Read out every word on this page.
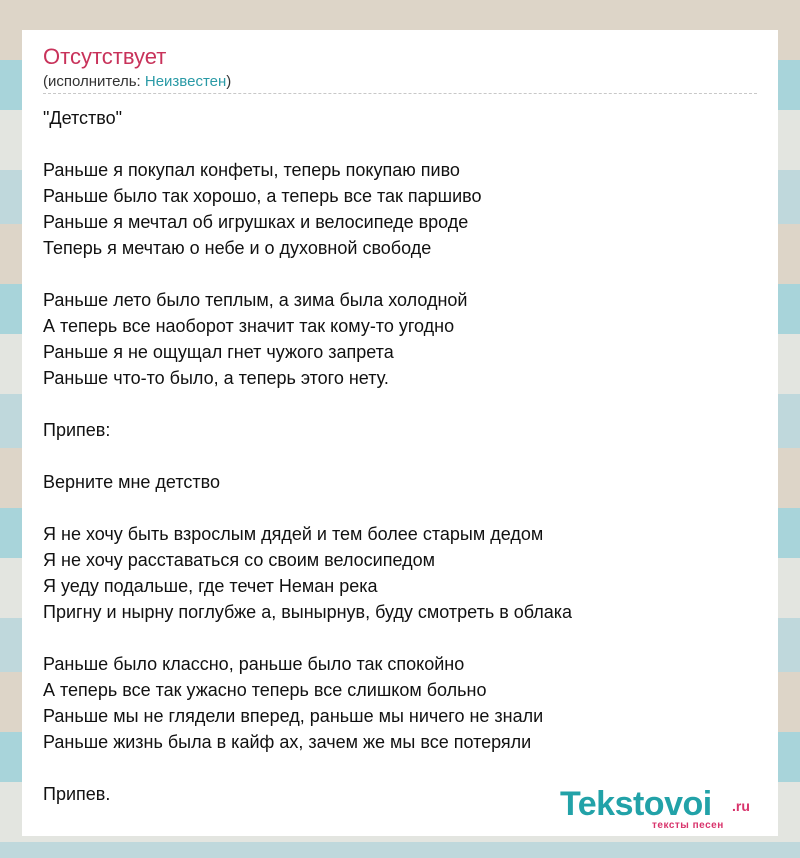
Отсутствует
(исполнитель: Неизвестен)
"Детство"
Раньше я покупал конфеты, теперь покупаю пиво
Раньше было так хорошо, а теперь все так паршиво
Раньше я мечтал об игрушках и велосипеде вроде
Теперь я мечтаю о небе и о духовной свободе
Раньше лето было теплым, а зима была холодной
А теперь все наоборот значит так кому-то угодно
Раньше я не ощущал гнет чужого запрета
Раньше что-то было, а теперь этого нету.
Припев:
Верните мне детство
Я не хочу быть взрослым дядей и тем более старым дедом
Я не хочу расставаться со своим велосипедом
Я уеду подальше, где течет Неман река
Пригну и нырну поглубже а, вынырнув, буду смотреть в облака
Раньше было классно, раньше было так спокойно
А теперь все так ужасно теперь все слишком больно
Раньше мы не глядели вперед, раньше мы ничего не знали
Раньше жизнь была в кайф ах, зачем же мы все потеряли
Припев.	Tekstovoi .ru
тексты песен
